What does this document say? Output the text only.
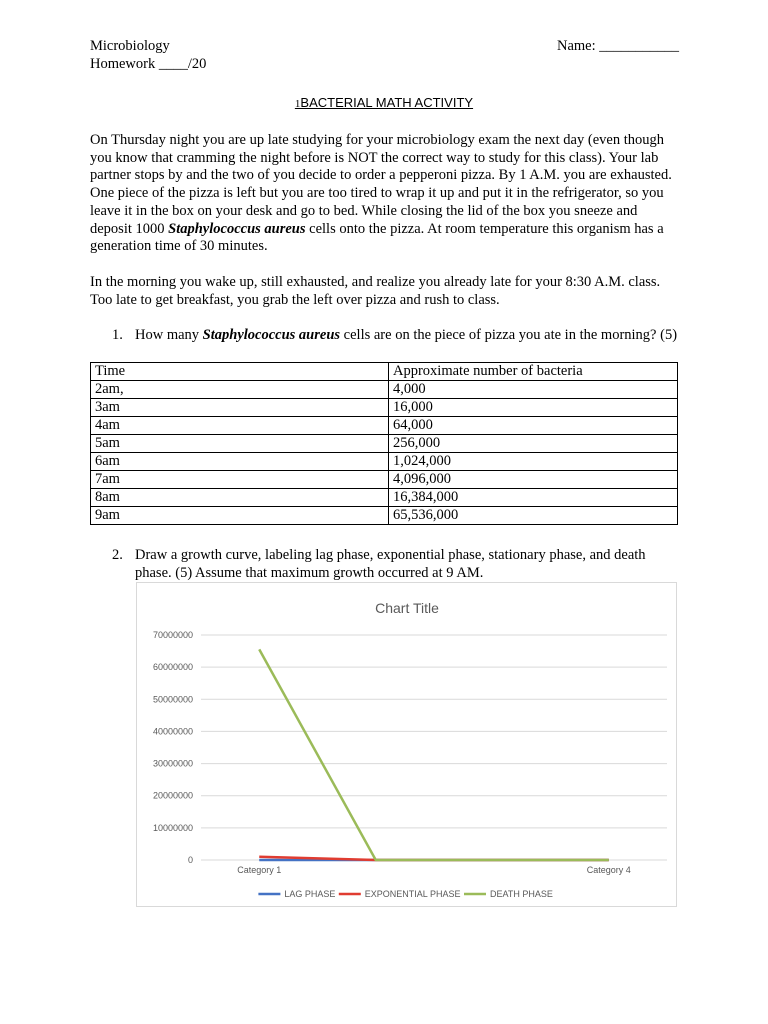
Microbiology
Homework ____/20
Name: ___________
1BACTERIAL MATH ACTIVITY
On Thursday night you are up late studying for your microbiology exam the next day (even though you know that cramming the night before is NOT the correct way to study for this class). Your lab partner stops by and the two of you decide to order a pepperoni pizza. By 1 A.M. you are exhausted. One piece of the pizza is left but you are too tired to wrap it up and put it in the refrigerator, so you leave it in the box on your desk and go to bed. While closing the lid of the box you sneeze and deposit 1000 Staphylococcus aureus cells onto the pizza. At room temperature this organism has a generation time of 30 minutes.
In the morning you wake up, still exhausted, and realize you already late for your 8:30 A.M. class. Too late to get breakfast, you grab the left over pizza and rush to class.
1. How many Staphylococcus aureus cells are on the piece of pizza you ate in the morning? (5)
Time	Approximate number of bacteria
2am,	4,000
3am	16,000
4am	64,000
5am	256,000
6am	1,024,000
7am	4,096,000
8am	16,384,000
9am	65,536,000
2. Draw a growth curve, labeling lag phase, exponential phase, stationary phase, and death phase. (5) Assume that maximum growth occurred at 9 AM.
Chart Title
0
10000000
20000000
30000000
40000000
50000000
60000000
70000000
Category 1	Category 4
LAG PHASE	EXPONENTIAL PHASE	DEATH PHASE
